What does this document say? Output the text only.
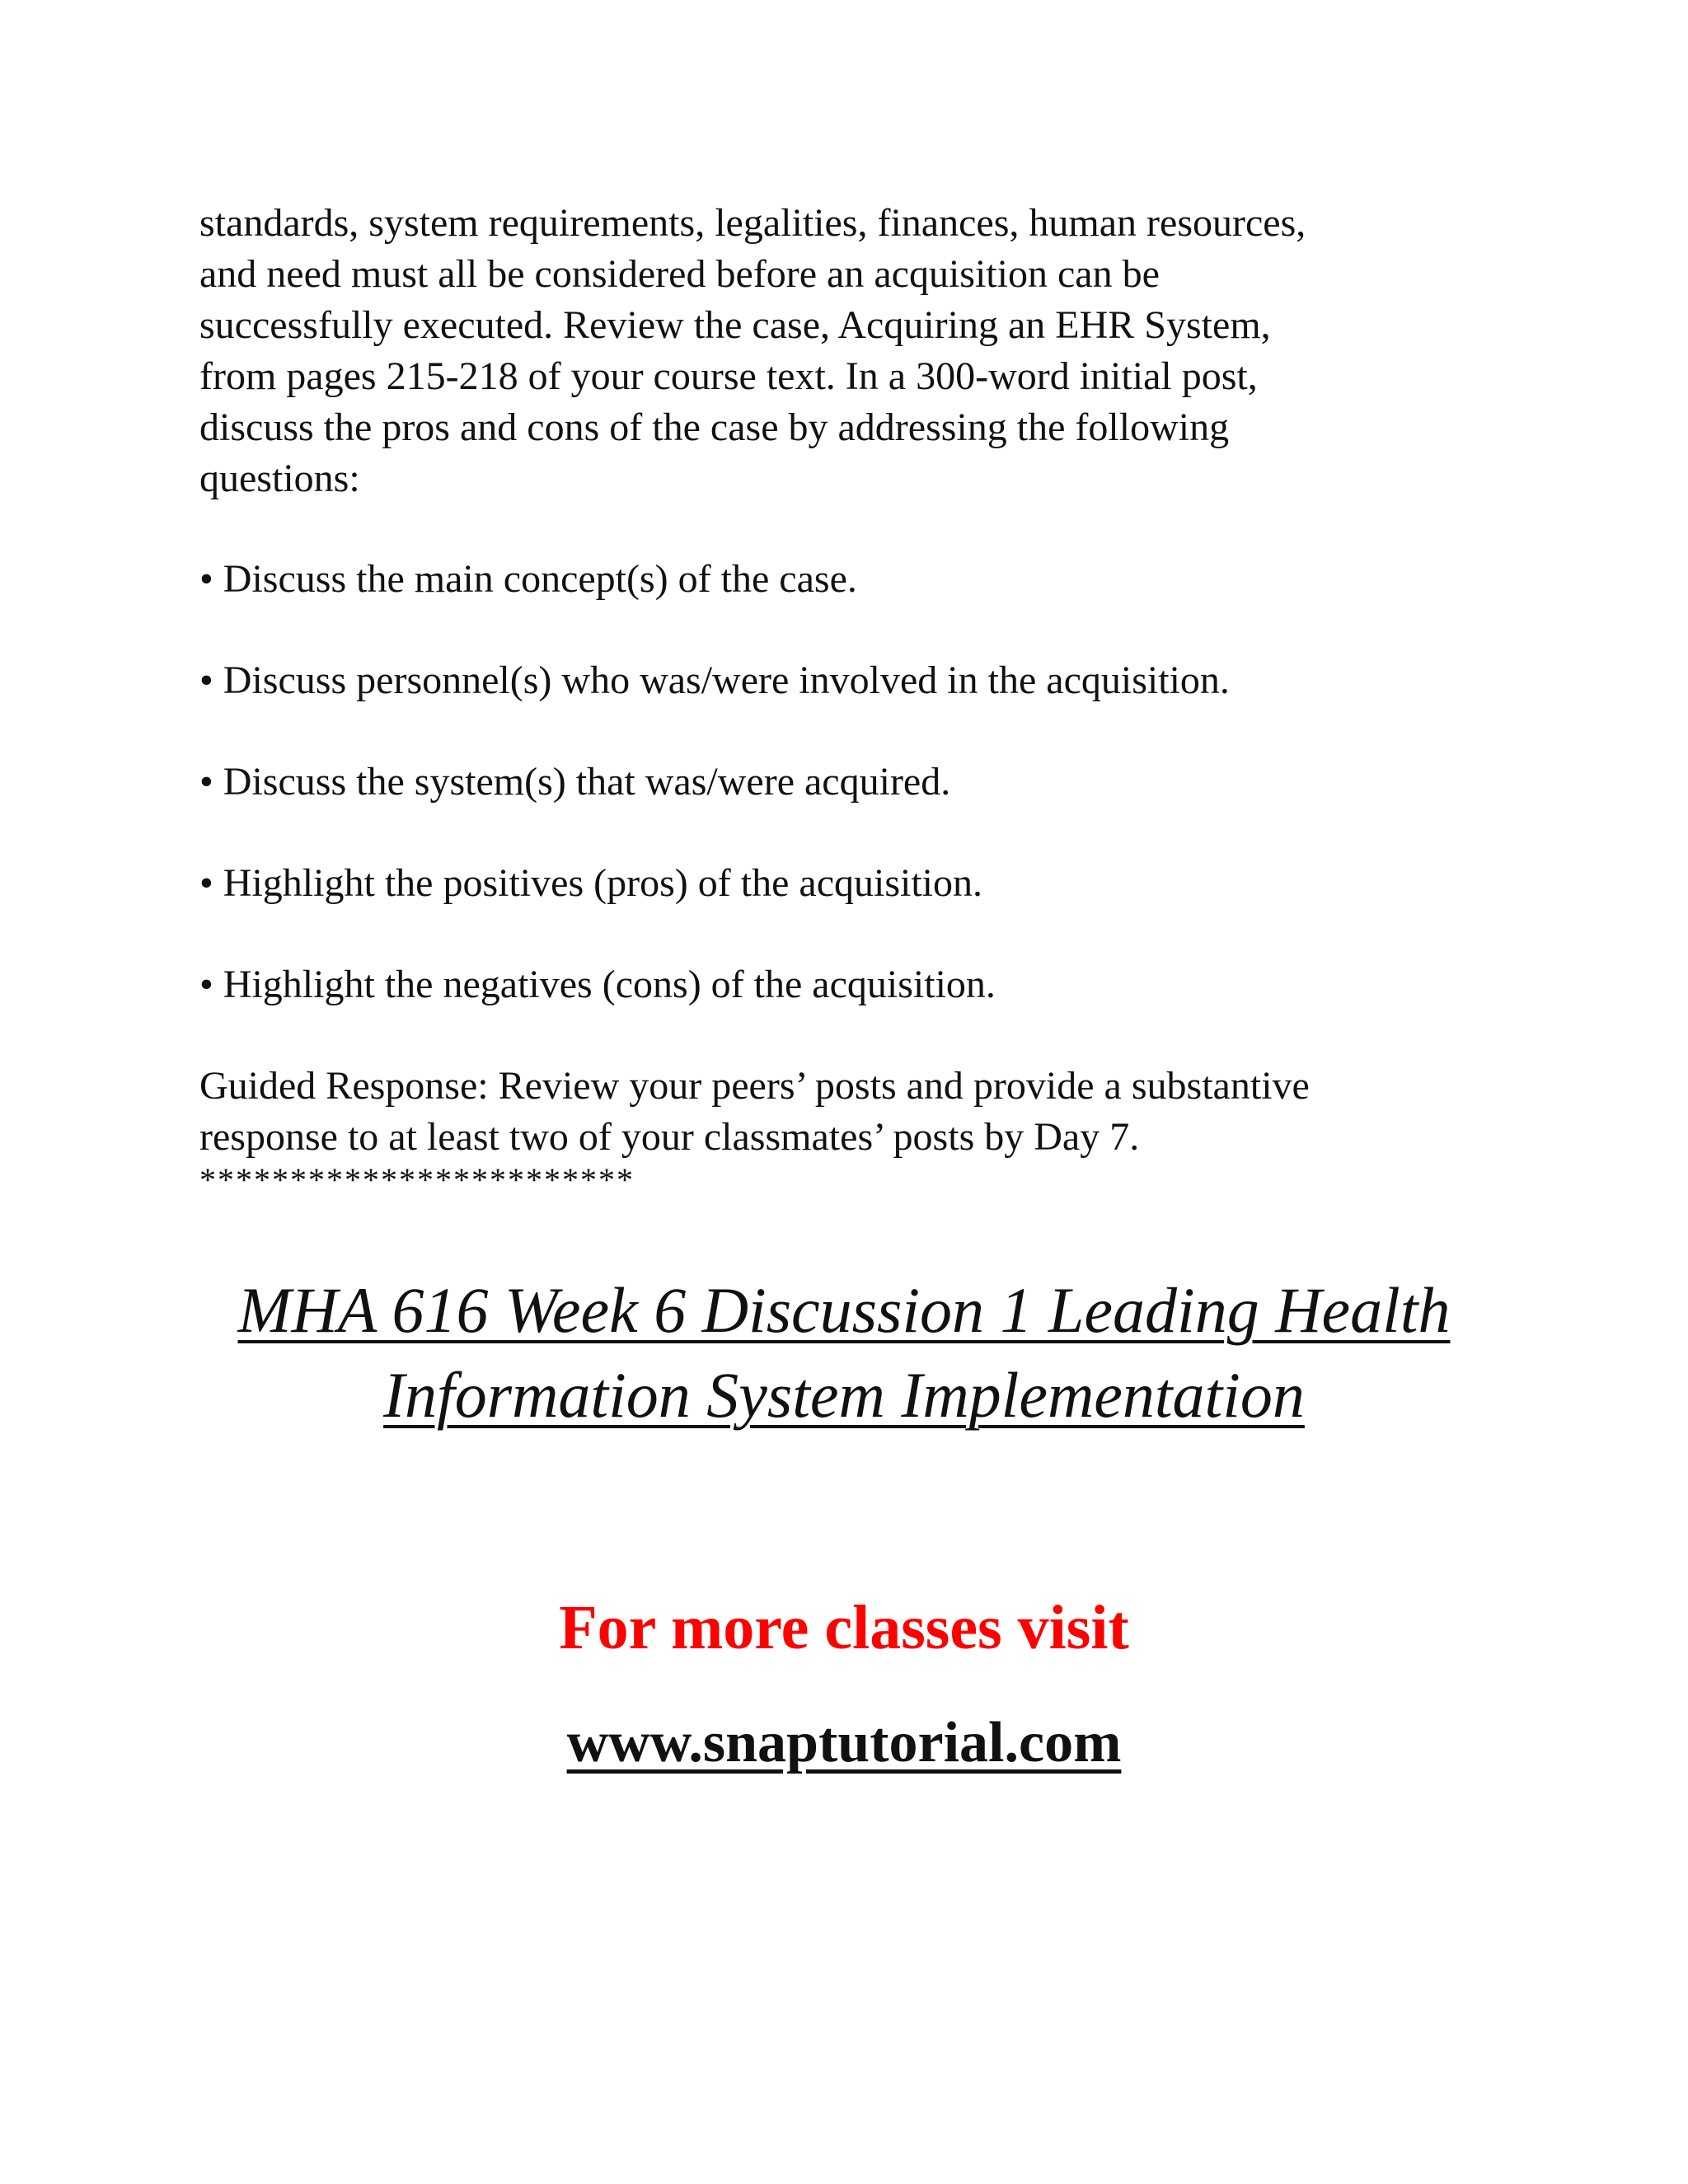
standards, system requirements, legalities, finances, human resources,
and need must all be considered before an acquisition can be
successfully executed. Review the case, Acquiring an EHR System,
from pages 215-218 of your course text. In a 300-word initial post,
discuss the pros and cons of the case by addressing the following
questions:

• Discuss the main concept(s) of the case.

• Discuss personnel(s) who was/were involved in the acquisition.

• Discuss the system(s) that was/were acquired.

• Highlight the positives (pros) of the acquisition.

• Highlight the negatives (cons) of the acquisition.

Guided Response: Review your peers’ posts and provide a substantive
response to at least two of your classmates’ posts by Day 7.
************************

MHA 616 Week 6 Discussion 1 Leading Health

Information System Implementation

For more classes visit

www.snaptutorial.com
